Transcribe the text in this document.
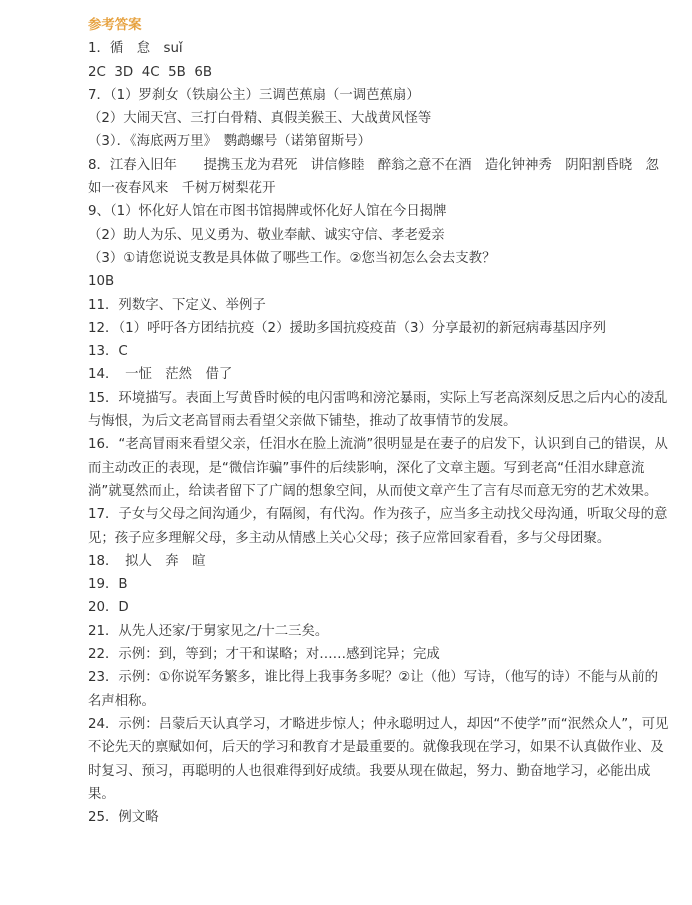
参考答案
1．循　怠　suǐ
2C  3D  4C  5B  6B
7．（1）罗刹女（铁扇公主）三调芭蕉扇（一调芭蕉扇）
（2）大闹天宫、三打白骨精、真假美猴王、大战黄风怪等
（3）．《海底两万里》　鹦鹉螺号（诺第留斯号）
8．江春入旧年　　提携玉龙为君死　讲信修睦　醉翁之意不在酒　造化钟神秀　阴阳割昏晓　忽如一夜春风来　千树万树梨花开
9、（1）怀化好人馆在市图书馆揭牌或怀化好人馆在今日揭牌
（2）助人为乐、见义勇为、敬业奉献、诚实守信、孝老爱亲
（3）①请您说说支教是具体做了哪些工作。②您当初怎么会去支教？
10B
11．列数字、下定义、举例子
12．（1）呼吁各方团结抗疫（2）援助多国抗疫疫苗（3）分享最初的新冠病毒基因序列
13．C
14．　一怔　茫然　借了
15．环境描写。表面上写黄昏时候的电闪雷鸣和滂沱暴雨，实际上写老高深刻反思之后内心的凌乱与悔恨，为后文老高冒雨去看望父亲做下铺垫，推动了故事情节的发展。
16．“老高冒雨来看望父亲，任泪水在脸上流淌”很明显是在妻子的启发下，认识到自己的错误，从而主动改正的表现，是“微信诈骗”事件的后续影响，深化了文章主题。写到老高“任泪水肆意流淌”就戛然而止，给读者留下了广阔的想象空间，从而使文章产生了言有尽而意无穷的艺术效果。
17．子女与父母之间沟通少，有隔阂，有代沟。作为孩子，应当多主动找父母沟通，听取父母的意见；孩子应多理解父母，多主动从情感上关心父母；孩子应常回家看看，多与父母团聚。
18．　拟人　奔　暄
19．B
20．D
21．从先人还家/于舅家见之/十二三矣。
22．示例：到，等到；才干和谋略；对……感到诧异；完成
23．示例：①你说军务繁多，谁比得上我事务多呢？②让（他）写诗，（他写的诗）不能与从前的名声相称。
24．示例：吕蒙后天认真学习，才略进步惊人；仲永聪明过人，却因“不使学”而“泯然众人”，可见不论先天的禀赋如何，后天的学习和教育才是最重要的。就像我现在学习，如果不认真做作业、及时复习、预习，再聪明的人也很难得到好成绩。我要从现在做起，努力、勤奋地学习，必能出成果。
25．例文略
